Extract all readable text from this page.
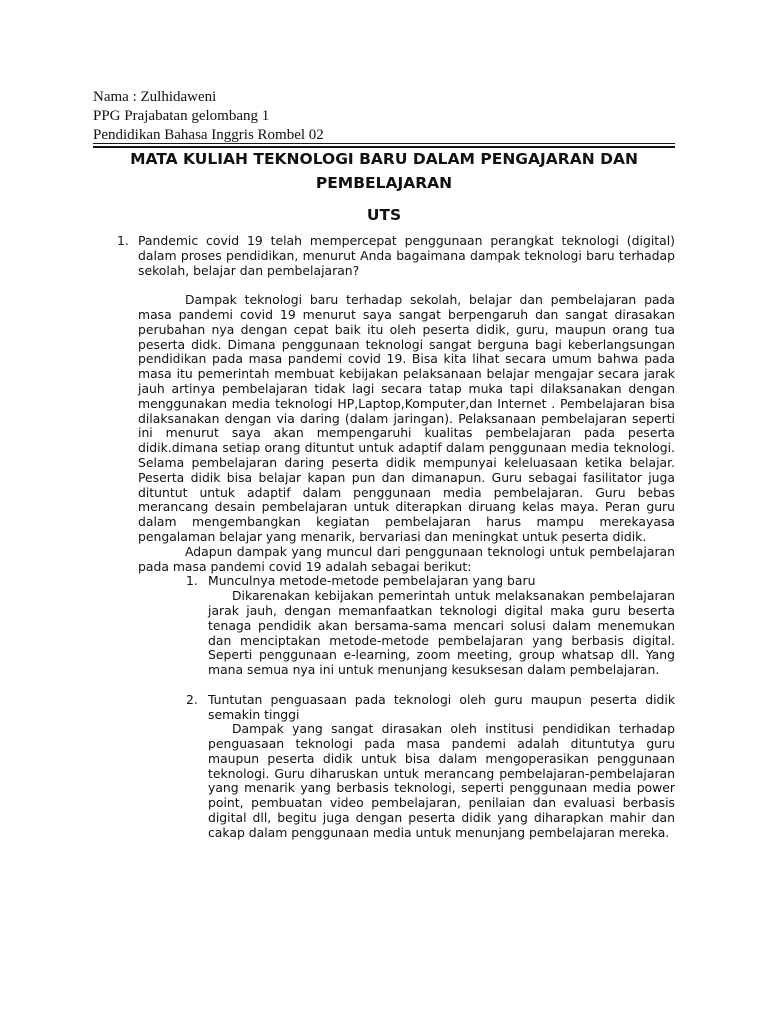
Nama : Zulhidaweni
PPG Prajabatan gelombang 1
Pendidikan Bahasa Inggris Rombel 02
MATA KULIAH TEKNOLOGI BARU DALAM PENGAJARAN DAN
PEMBELAJARAN
UTS
1. Pandemic covid 19 telah mempercepat penggunaan perangkat teknologi (digital) dalam proses pendidikan, menurut Anda bagaimana dampak teknologi baru terhadap sekolah, belajar dan pembelajaran?

Dampak teknologi baru terhadap sekolah, belajar dan pembelajaran pada masa pandemi covid 19 menurut saya sangat berpengaruh dan sangat dirasakan perubahan nya dengan cepat baik itu oleh peserta didik, guru, maupun orang tua peserta didk. Dimana penggunaan teknologi sangat berguna bagi keberlangsungan pendidikan pada masa pandemi covid 19. Bisa kita lihat secara umum bahwa pada masa itu pemerintah membuat kebijakan pelaksanaan belajar mengajar secara jarak jauh artinya pembelajaran tidak lagi secara tatap muka tapi dilaksanakan dengan menggunakan media teknologi HP,Laptop,Komputer,dan Internet . Pembelajaran bisa dilaksanakan dengan via daring (dalam jaringan). Pelaksanaan pembelajaran seperti ini menurut saya akan mempengaruhi kualitas pembelajaran pada peserta didik.dimana setiap orang dituntut untuk adaptif dalam penggunaan media teknologi. Selama pembelajaran daring peserta didik mempunyai keleluasaan ketika belajar. Peserta didik bisa belajar kapan pun dan dimanapun. Guru sebagai fasilitator juga dituntut untuk adaptif dalam penggunaan media pembelajaran. Guru bebas merancang desain pembelajaran untuk diterapkan diruang kelas maya. Peran guru dalam mengembangkan kegiatan pembelajaran harus mampu merekayasa pengalaman belajar yang menarik, bervariasi dan meningkat untuk peserta didik.

Adapun dampak yang muncul dari penggunaan teknologi untuk pembelajaran pada masa pandemi covid 19 adalah sebagai berikut:

1. Munculnya metode-metode pembelajaran yang baru

Dikarenakan kebijakan pemerintah untuk melaksanakan pembelajaran jarak jauh, dengan memanfaatkan teknologi digital maka guru beserta tenaga pendidik akan bersama-sama mencari solusi dalam menemukan dan menciptakan metode-metode pembelajaran yang berbasis digital. Seperti penggunaan e-learning, zoom meeting, group whatsap dll. Yang mana semua nya ini untuk menunjang kesuksesan dalam pembelajaran.

2. Tuntutan penguasaan pada teknologi oleh guru maupun peserta didik semakin tinggi

Dampak yang sangat dirasakan oleh institusi pendidikan terhadap penguasaan teknologi pada masa pandemi adalah dituntutya guru maupun peserta didik untuk bisa dalam mengoperasikan penggunaan teknologi. Guru diharuskan untuk merancang pembelajaran-pembelajaran yang menarik yang berbasis teknologi, seperti penggunaan media power point, pembuatan video pembelajaran, penilaian dan evaluasi berbasis digital dll, begitu juga dengan peserta didik yang diharapkan mahir dan cakap dalam penggunaan media untuk menunjang pembelajaran mereka.
